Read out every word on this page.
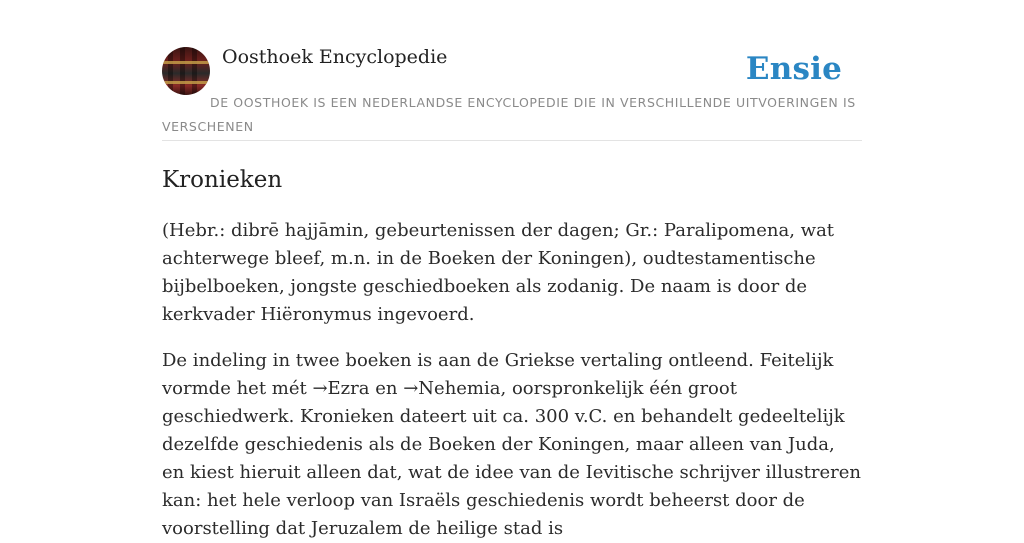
Oosthoek Encyclopedie	Ensie

DE OOSTHOEK IS EEN NEDERLANDSE ENCYCLOPEDIE DIE IN VERSCHILLENDE UITVOERINGEN IS VERSCHENEN

Kronieken

(Hebr.: dibrē hajjāmin, gebeurtenissen der dagen; Gr.: Paralipomena, wat achterwege bleef, m.n. in de Boeken der Koningen), oudtestamentische bijbelboeken, jongste geschiedboeken als zodanig. De naam is door de kerkvader Hiëronymus ingevoerd.

De indeling in twee boeken is aan de Griekse vertaling ontleend. Feitelijk vormde het mét →Ezra en →Nehemia, oorspronkelijk één groot geschiedwerk. Kronieken dateert uit ca. 300 v.C. en behandelt gedeeltelijk dezelfde geschiedenis als de Boeken der Koningen, maar alleen van Juda, en kiest hieruit alleen dat, wat de idee van de Ievitische schrijver illustreren kan: het hele verloop van Israëls geschiedenis wordt beheerst door de voorstelling dat Jeruzalem de heilige stad is
